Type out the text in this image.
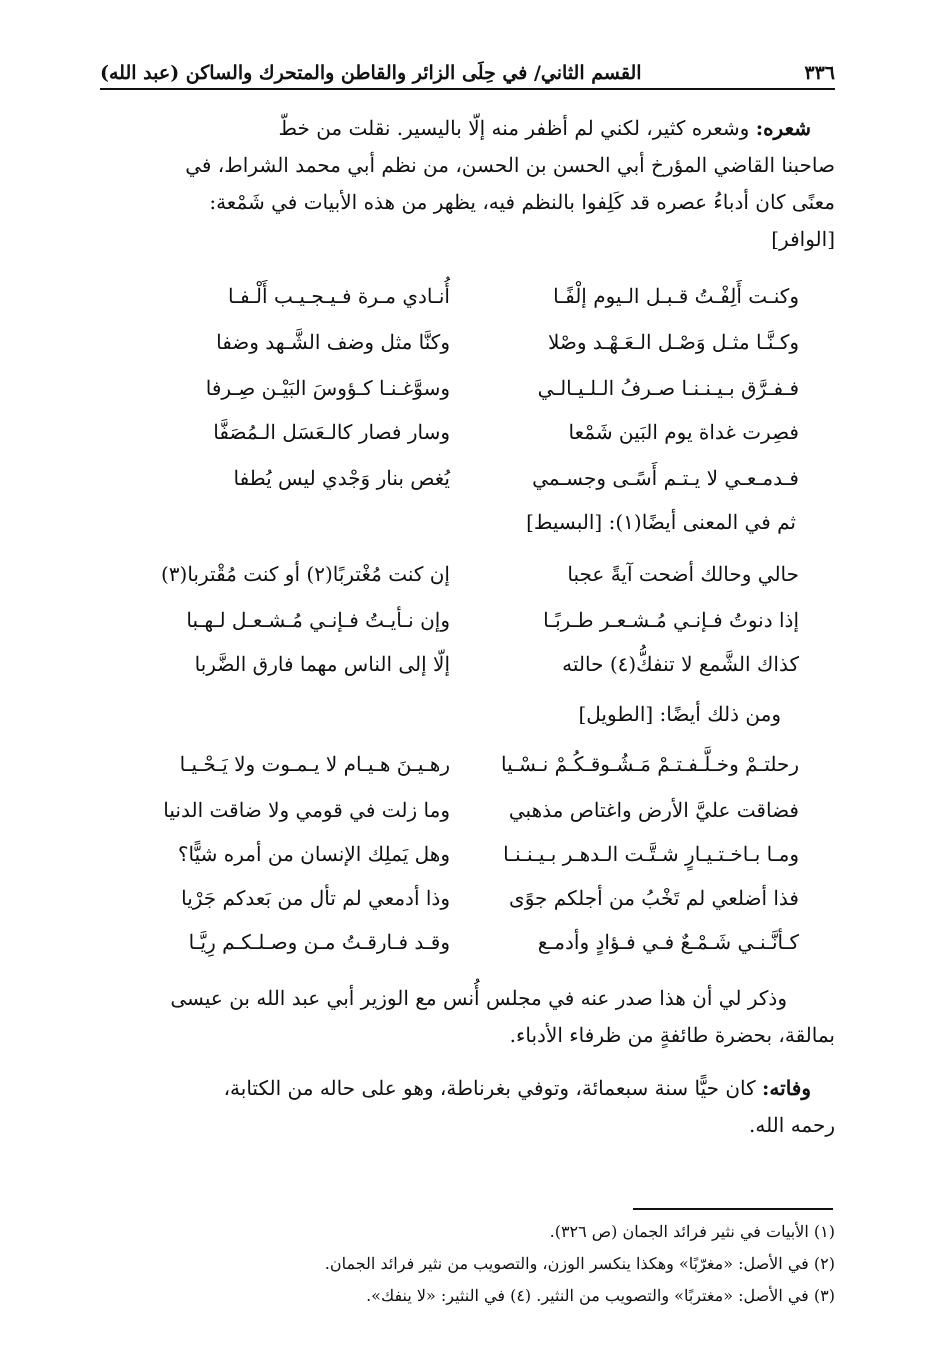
٣٣٦
القسم الثاني/ في حِلَى الزائر والقاطن والمتحرك والساكن (عبد الله)

شعره: وشعره كثير، لكني لم أظفر منه إلّا باليسير. نقلت من خطّ
صاحبنا القاضي المؤرخ أبي الحسن بن الحسن، من نظم أبي محمد الشراط، في
معنًى كان أدباءُ عصره قد كَلِفوا بالنظم فيه، يظهر من هذه الأبيات في شَمْعة:
[الوافر]

وكنـت أَلِفْـتُ قـبـل الـيوم إلْفًـا
أُنـادي مـرة فـيـجـيـب أَلْـفـا
وكـنَّـا مثـل وَصْـل الـعَـهْـد وصْلا
وكنَّا مثل وضف الشَّـهد وضفا
فـفـرَّق بـيـنـنـا صـرفُ الـلـيـالـي
وسوَّغـنـا كـؤوسَ البَيْـن صِـرفا
فصِرت غداة يوم البَين شَمْعا
وسار فصار كالـعَسَل الـمُصَفَّا
فـدمـعـي لا يـتـم أَسًـى وجسـمي
يُغص بنار وَجْدي ليس يُطفا
ثم في المعنى أيضًا(١): [البسيط]
حالي وحالك أضحت آيةً عجبا
إن كنت مُغْتربًا(٢) أو كنت مُقْتربا(٣)
إذا دنوتُ فـإنـي مُـشـعـر طـربًـا
وإن نـأيـتُ فـإنـي مُـشـعـل لـهـبا
كذاك الشَّمع لا تنفكُّ(٤) حالته
إلّا إلى الناس مهما فارق الضَّربا
ومن ذلك أيضًا: [الطويل]
رحلتـمْ وخـلَّـفـتـمْ مَـشُـوقـكُـمْ نـسْـيا
رهـيـنَ هـيـام لا يـمـوت ولا يَـحْـيـا
فضاقت عليَّ الأرض واغتاص مذهبي
وما زلت في قومي ولا ضاقت الدنيا
ومـا بـاخـتـيـارٍ شـتَّـت الـدهـر بـيـنـنـا
وهل يَملِك الإنسان من أمره شيًّا؟
فذا أضلعي لم تَخْبُ من أجلكم جوًى
وذا أدمعي لم تأل من بَعدكم جَرْيا
كـأنَّـنـي شَـمْـعٌ فـي فـؤادٍ وأدمـع
وقـد فـارقـتُ مـن وصـلـكـم رِيَّـا

وذكر لي أن هذا صدر عنه في مجلس أُنس مع الوزير أبي عبد الله بن عيسى
بمالقة، بحضرة طائفةٍ من ظرفاء الأدباء.

وفاته: كان حيًّا سنة سبعمائة، وتوفي بغرناطة، وهو على حاله من الكتابة،
رحمه الله.

(١) الأبيات في نثير فرائد الجمان (ص ٣٢٦).
(٢) في الأصل: «مغرّبًا» وهكذا ينكسر الوزن، والتصويب من نثير فرائد الجمان.
(٣) في الأصل: «مغتربًا» والتصويب من النثير. (٤) في النثير: «لا ينفك».
